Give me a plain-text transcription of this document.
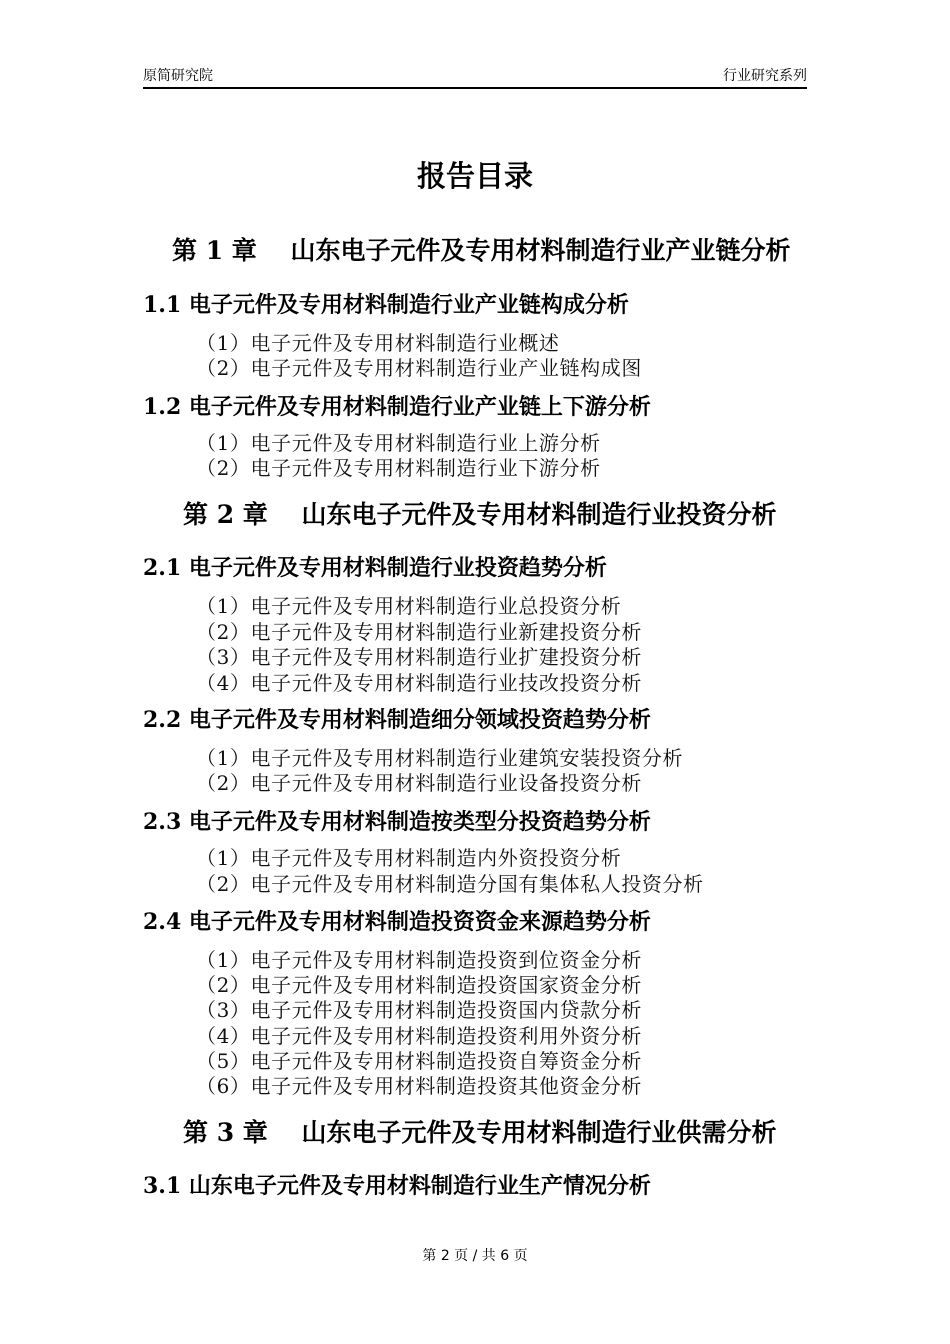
原简研究院	行业研究系列
报告目录
第 1 章　 山东电子元件及专用材料制造行业产业链分析
1.1 电子元件及专用材料制造行业产业链构成分析
（1）电子元件及专用材料制造行业概述
（2）电子元件及专用材料制造行业产业链构成图
1.2 电子元件及专用材料制造行业产业链上下游分析
（1）电子元件及专用材料制造行业上游分析
（2）电子元件及专用材料制造行业下游分析
第 2 章　 山东电子元件及专用材料制造行业投资分析
2.1 电子元件及专用材料制造行业投资趋势分析
（1）电子元件及专用材料制造行业总投资分析
（2）电子元件及专用材料制造行业新建投资分析
（3）电子元件及专用材料制造行业扩建投资分析
（4）电子元件及专用材料制造行业技改投资分析
2.2 电子元件及专用材料制造细分领域投资趋势分析
（1）电子元件及专用材料制造行业建筑安装投资分析
（2）电子元件及专用材料制造行业设备投资分析
2.3 电子元件及专用材料制造按类型分投资趋势分析
（1）电子元件及专用材料制造内外资投资分析
（2）电子元件及专用材料制造分国有集体私人投资分析
2.4 电子元件及专用材料制造投资资金来源趋势分析
（1）电子元件及专用材料制造投资到位资金分析
（2）电子元件及专用材料制造投资国家资金分析
（3）电子元件及专用材料制造投资国内贷款分析
（4）电子元件及专用材料制造投资利用外资分析
（5）电子元件及专用材料制造投资自筹资金分析
（6）电子元件及专用材料制造投资其他资金分析
第 3 章　 山东电子元件及专用材料制造行业供需分析
3.1 山东电子元件及专用材料制造行业生产情况分析
第 2 页 / 共 6 页
